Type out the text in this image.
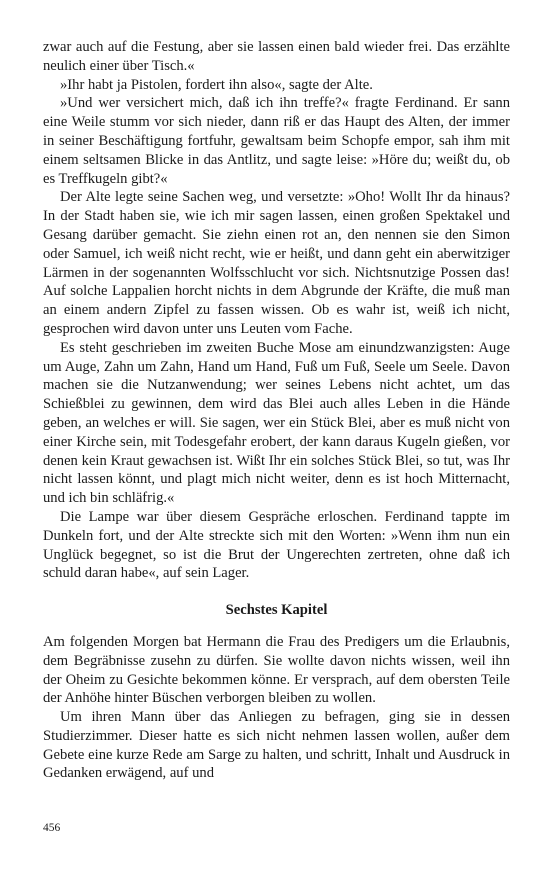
zwar auch auf die Festung, aber sie lassen einen bald wieder frei. Das erzählte neulich einer über Tisch.«

»Ihr habt ja Pistolen, fordert ihn also«, sagte der Alte.

»Und wer versichert mich, daß ich ihn treffe?« fragte Ferdinand. Er sann eine Weile stumm vor sich nieder, dann riß er das Haupt des Alten, der immer in seiner Beschäftigung fortfuhr, gewaltsam beim Schopfe empor, sah ihm mit einem seltsamen Blicke in das Antlitz, und sagte leise: »Höre du; weißt du, ob es Treffkugeln gibt?«

Der Alte legte seine Sachen weg, und versetzte: »Oho! Wollt Ihr da hinaus? In der Stadt haben sie, wie ich mir sagen lassen, einen großen Spektakel und Gesang darüber gemacht. Sie ziehn einen rot an, den nennen sie den Simon oder Samuel, ich weiß nicht recht, wie er heißt, und dann geht ein aberwitziger Lärmen in der sogenannten Wolfsschlucht vor sich. Nichtsnutzige Possen das! Auf solche Lappalien horcht nichts in dem Abgrunde der Kräfte, die muß man an einem andern Zipfel zu fassen wissen. Ob es wahr ist, weiß ich nicht, gesprochen wird davon unter uns Leuten vom Fache.

Es steht geschrieben im zweiten Buche Mose am einundzwanzigsten: Auge um Auge, Zahn um Zahn, Hand um Hand, Fuß um Fuß, Seele um Seele. Davon machen sie die Nutzanwendung; wer seines Lebens nicht achtet, um das Schießblei zu gewinnen, dem wird das Blei auch alles Leben in die Hände geben, an welches er will. Sie sagen, wer ein Stück Blei, aber es muß nicht von einer Kirche sein, mit Todesgefahr erobert, der kann daraus Kugeln gießen, vor denen kein Kraut gewachsen ist. Wißt Ihr ein solches Stück Blei, so tut, was Ihr nicht lassen könnt, und plagt mich nicht weiter, denn es ist hoch Mitternacht, und ich bin schläfrig.«

Die Lampe war über diesem Gespräche erloschen. Ferdinand tappte im Dunkeln fort, und der Alte streckte sich mit den Worten: »Wenn ihm nun ein Unglück begegnet, so ist die Brut der Ungerechten zertreten, ohne daß ich schuld daran habe«, auf sein Lager.

Sechstes Kapitel

Am folgenden Morgen bat Hermann die Frau des Predigers um die Erlaubnis, dem Begräbnisse zusehn zu dürfen. Sie wollte davon nichts wissen, weil ihn der Oheim zu Gesichte bekommen könne. Er versprach, auf dem obersten Teile der Anhöhe hinter Büschen verborgen bleiben zu wollen.

Um ihren Mann über das Anliegen zu befragen, ging sie in dessen Studierzimmer. Dieser hatte es sich nicht nehmen lassen wollen, außer dem Gebete eine kurze Rede am Sarge zu halten, und schritt, Inhalt und Ausdruck in Gedanken erwägend, auf und

456
